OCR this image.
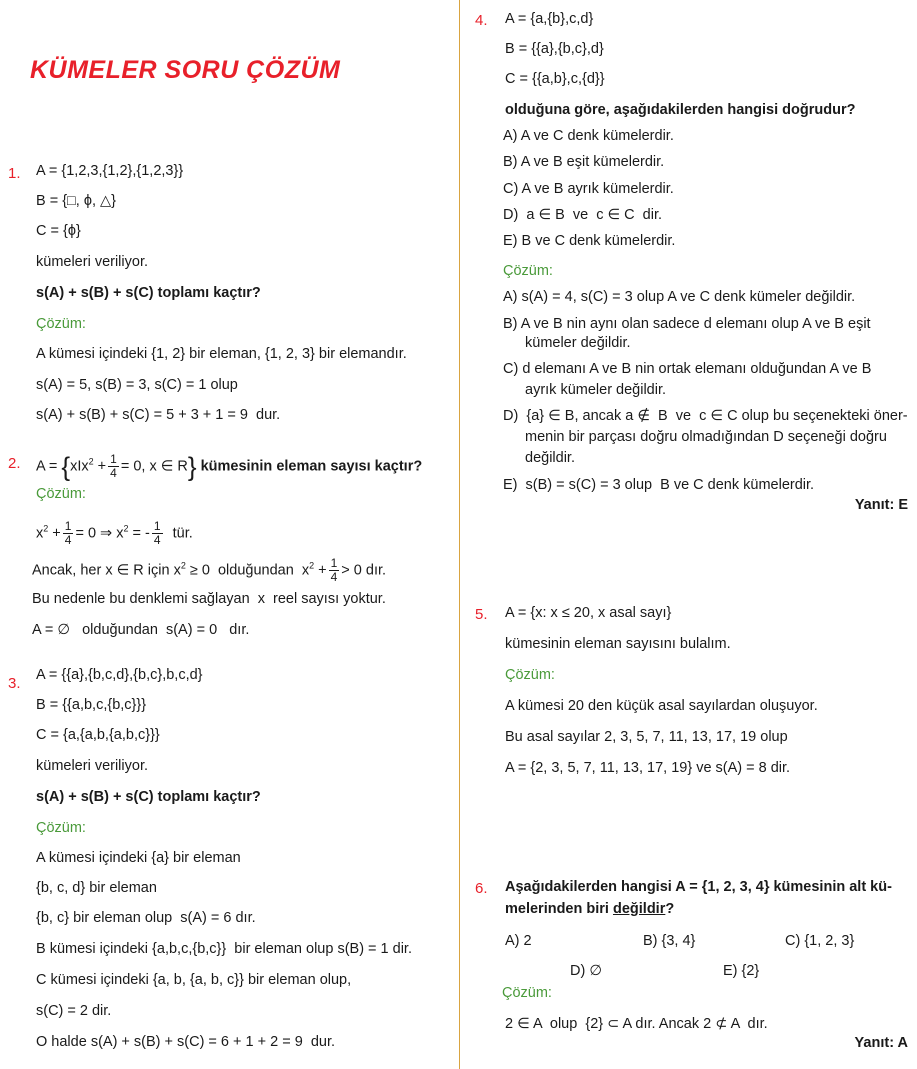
KÜMELER SORU ÇÖZÜM
1. A = {1,2,3,{1,2},{1,2,3}}
B = {□, ϕ, △}
C = {ϕ}
kümeleri veriliyor.
s(A) + s(B) + s(C) toplamı kaçtır?
Çözüm:
A kümesi içindeki {1, 2} bir eleman, {1, 2, 3} bir elemandır.
s(A) = 5, s(B) = 3, s(C) = 1 olup
s(A) + s(B) + s(C) = 5 + 3 + 1 = 9  dur.
2. $A = \{xIx^2 + \frac{1}{4} = 0$, x ∈ R} kümesinin eleman sayısı kaçtır?
Çözüm:
$x^2 + \frac{1}{4} = 0$ ⇒ $x^2$ = - $\frac{1}{4}$ tür.
Ancak, her x ∈ R için $x^2 \ge 0$  olduğundan  $x^2 + \frac{1}{4} > 0$ dır.
Bu nedenle bu denklemi sağlayan  x  reel sayısı yoktur.
A = ∅   olduğundan  s(A) = 0   dır.
3. A = {{a},{b,c,d},{b,c},b,c,d}
B = {{a,b,c,{b,c}}}
C = {a,{a,b,{a,b,c}}}
kümeleri veriliyor.
s(A) + s(B) + s(C) toplamı kaçtır?
Çözüm:
A kümesi içindeki {a} bir eleman
{b, c, d} bir eleman
{b, c} bir eleman olup  s(A) = 6 dır.
B kümesi içindeki {a,b,c,{b,c}}  bir eleman olup s(B) = 1 dir.
C kümesi içindeki {a, b, {a, b, c}} bir eleman olup,
s(C) = 2 dir.
O halde s(A) + s(B) + s(C) = 6 + 1 + 2 = 9  dur.
4. A = {a,{b},c,d}
B = {{a},{b,c},d}
C = {{a,b},c,{d}}
olduğuna göre, aşağıdakilerden hangisi doğrudur?
A) A ve C denk kümelerdir.
B) A ve B eşit kümelerdir.
C) A ve B ayrık kümelerdir.
D)  a ∈ B  ve  c ∈ C  dir.
E) B ve C denk kümelerdir.
Çözüm:
A) s(A) = 4, s(C) = 3 olup A ve C denk kümeler değildir.
B) A ve B nin aynı olan sadece d elemanı olup A ve B eşit
kümeler değildir.
C) d elemanı A ve B nin ortak elemanı olduğundan A ve B
ayrık kümeler değildir.
D)  {a} ∈ B, ancak a ∉  B  ve  c ∈ C olup bu seçenekteki öner-
menin bir parçası doğru olmadığından D seçeneği doğru
değildir.
E)  s(B) = s(C) = 3 olup  B ve C denk kümelerdir.
Yanıt: E
5. A = {x: x ≤ 20, x asal sayı}
kümesinin eleman sayısını bulalım.
Çözüm:
A kümesi 20 den küçük asal sayılardan oluşuyor.
Bu asal sayılar 2, 3, 5, 7, 11, 13, 17, 19 olup
A = {2, 3, 5, 7, 11, 13, 17, 19} ve s(A) = 8 dir.
6. Aşağıdakilerden hangisi A = {1, 2, 3, 4} kümesinin alt kü-
melerinden biri değildir?
A) 2	B) {3, 4}	C) {1, 2, 3}
D) ∅	E) {2}
Çözüm:
2 ∈ A  olup  {2} ⊂ A dır. Ancak 2 ⊄ A  dır.
Yanıt: A
